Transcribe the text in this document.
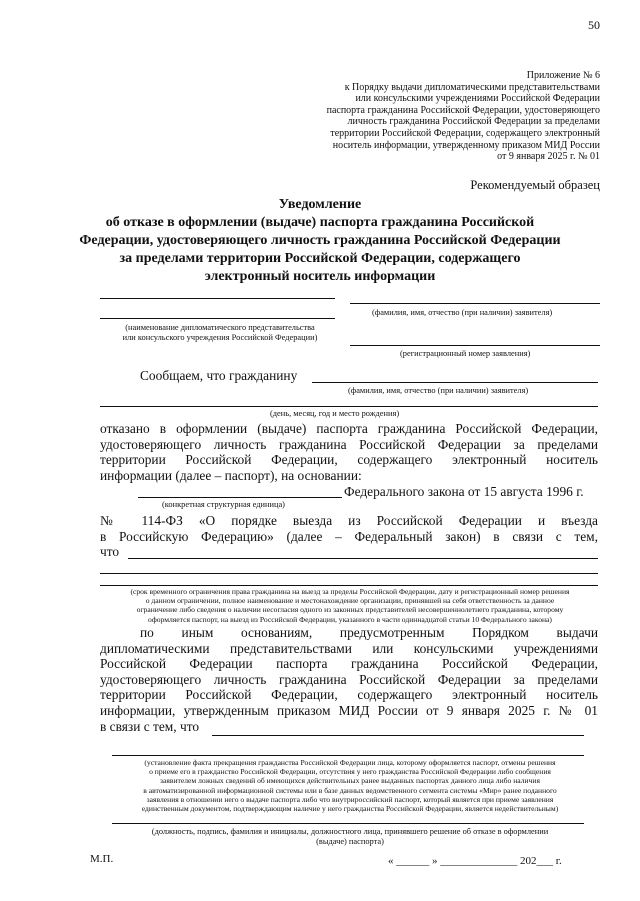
50
Приложение № 6
к Порядку выдачи дипломатическими представительствами
или консульскими учреждениями Российской Федерации
паспорта гражданина Российской Федерации, удостоверяющего
личность гражданина Российской Федерации за пределами
территории Российской Федерации, содержащего электронный
носитель информации, утвержденному приказом МИД России
от 9 января 2025 г. № 01
Рекомендуемый образец
Уведомление
об отказе в оформлении (выдаче) паспорта гражданина Российской
Федерации, удостоверяющего личность гражданина Российской Федерации
за пределами территории Российской Федерации, содержащего
электронный носитель информации
(фамилия, имя, отчество (при наличии) заявителя)
(наименование дипломатического представительства
или консульского учреждения Российской Федерации)
(регистрационный номер заявления)
Сообщаем, что гражданину
(фамилия, имя, отчество (при наличии) заявителя)
(день, месяц, год и место рождения)
отказано в оформлении (выдаче) паспорта гражданина Российской Федерации,
удостоверяющего личность гражданина Российской Федерации за пределами
территории Российской Федерации, содержащего электронный носитель
информации (далее – паспорт), на основании:
Федерального закона от 15 августа 1996 г.
(конкретная структурная единица)
№ 114-ФЗ «О порядке выезда из Российской Федерации и въезда
в Российскую Федерацию» (далее – Федеральный закон) в связи с тем,
что
(срок временного ограничения права гражданина на выезд за пределы Российской Федерации, дату и регистрационный номер решения
о данном ограничении, полное наименование и местонахождение организации, принявшей на себя ответственность за данное
ограничение либо сведения о наличии несогласия одного из законных представителей несовершеннолетнего гражданина, которому
оформляется паспорт, на выезд из Российской Федерации, указанного в части одиннадцатой статьи 10 Федерального закона)
по иным основаниям, предусмотренным Порядком выдачи
дипломатическими представительствами или консульскими учреждениями
Российской Федерации паспорта гражданина Российской Федерации,
удостоверяющего личность гражданина Российской Федерации за пределами
территории Российской Федерации, содержащего электронный носитель
информации, утвержденным приказом МИД России от 9 января 2025 г. № 01
в связи с тем, что
(установление факта прекращения гражданства Российской Федерации лица, которому оформляется паспорт, отмены решения
о приеме его в гражданство Российской Федерации, отсутствия у него гражданства Российской Федерации либо сообщения
заявителем ложных сведений об имеющихся действительных ранее выданных паспортах данного лица либо наличия
в автоматизированной информационной системы или в базе данных ведомственного сегмента системы «Мир» ранее поданного
заявления в отношении него о выдаче паспорта либо что внутрироссийский паспорт, который является при приеме заявления
единственным документом, подтверждающим наличие у него гражданства Российской Федерации, является недействительным)
(должность, подпись, фамилия и инициалы, должностного лица, принявшего решение об отказе в оформлении
(выдаче) паспорта)
М.П.	« ______ » ______________ 202___ г.
